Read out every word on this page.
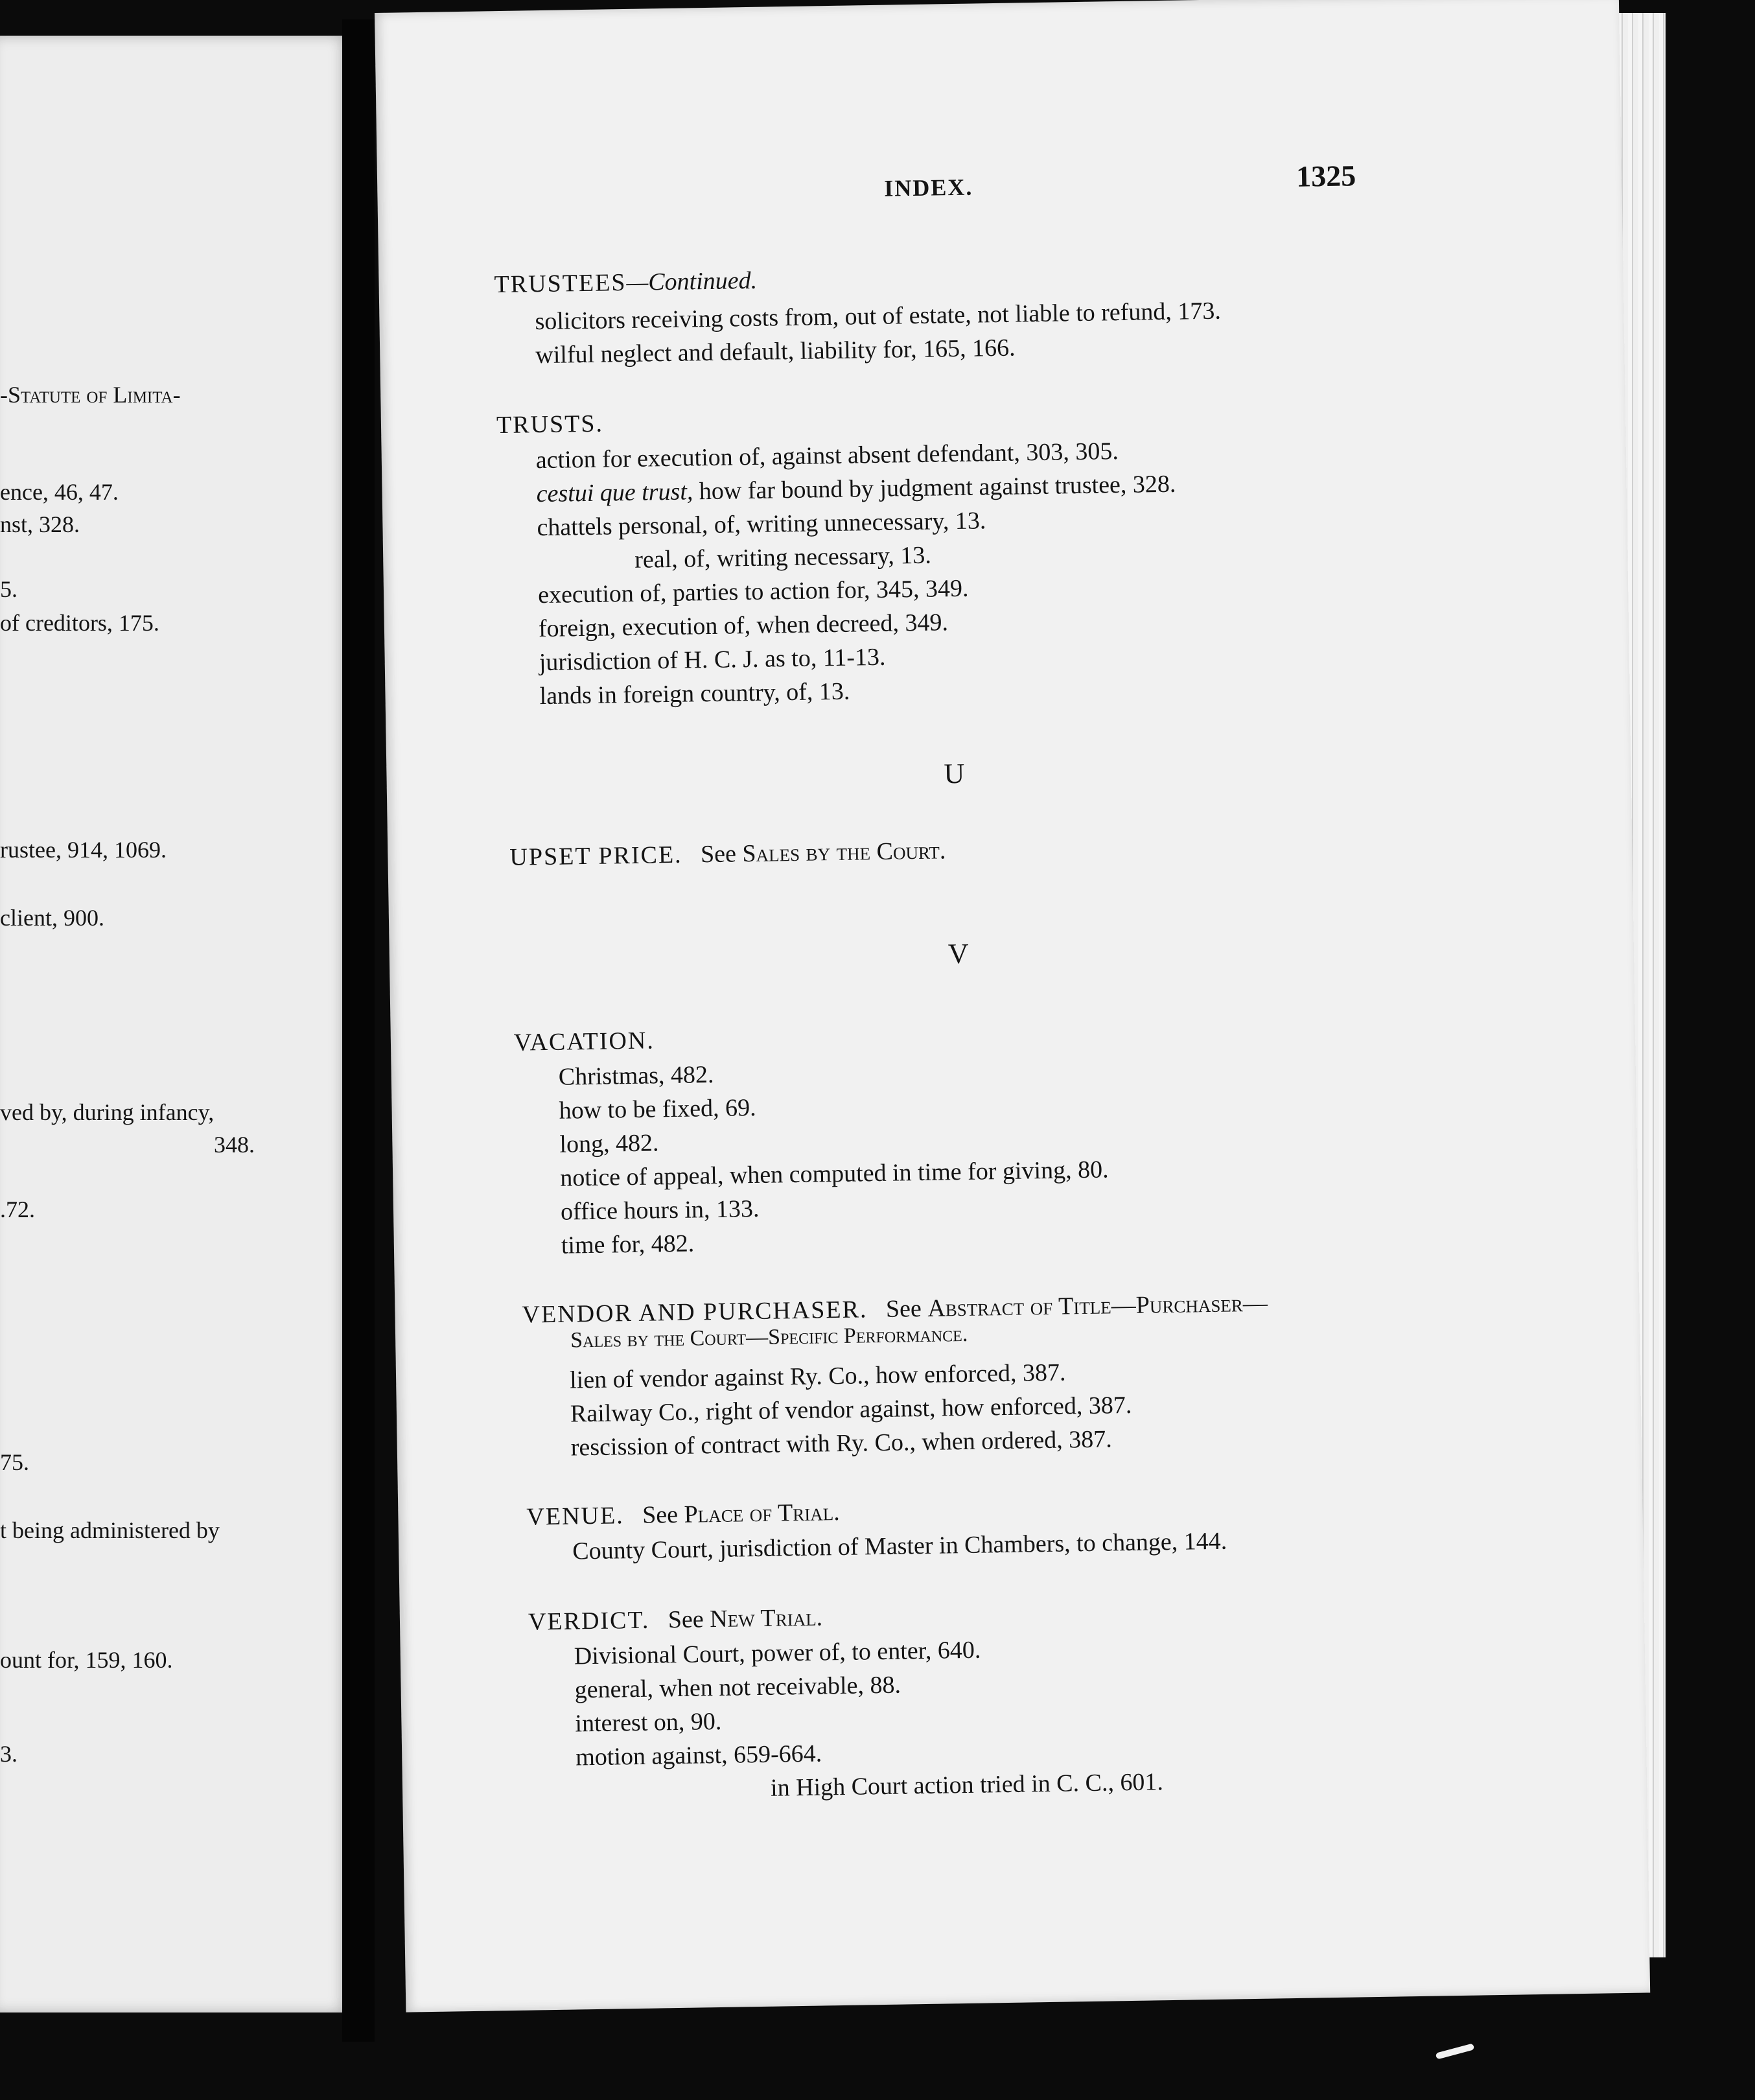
-Statute of Limita-
ence, 46, 47.
nst, 328.
5.
of creditors, 175.
rustee, 914, 1069.
client, 900.
ved by, during infancy,
348.
.72.
75.
t being administered by
ount for, 159, 160.
3.
INDEX.	1325
TRUSTEES—Continued.
solicitors receiving costs from, out of estate, not liable to refund, 173.
wilful neglect and default, liability for, 165, 166.
TRUSTS.
action for execution of, against absent defendant, 303, 305.
cestui que trust, how far bound by judgment against trustee, 328.
chattels personal, of, writing unnecessary, 13.
real, of, writing necessary, 13.
execution of, parties to action for, 345, 349.
foreign, execution of, when decreed, 349.
jurisdiction of H. C. J. as to, 11-13.
lands in foreign country, of, 13.
U
UPSET PRICE. See Sales by the Court.
V
VACATION.
Christmas, 482.
how to be fixed, 69.
long, 482.
notice of appeal, when computed in time for giving, 80.
office hours in, 133.
time for, 482.
VENDOR AND PURCHASER. See Abstract of Title—Purchaser—
Sales by the Court—Specific Performance.
lien of vendor against Ry. Co., how enforced, 387.
Railway Co., right of vendor against, how enforced, 387.
rescission of contract with Ry. Co., when ordered, 387.
VENUE. See Place of Trial.
County Court, jurisdiction of Master in Chambers, to change, 144.
VERDICT. See New Trial.
Divisional Court, power of, to enter, 640.
general, when not receivable, 88.
interest on, 90.
motion against, 659-664.
in High Court action tried in C. C., 601.
